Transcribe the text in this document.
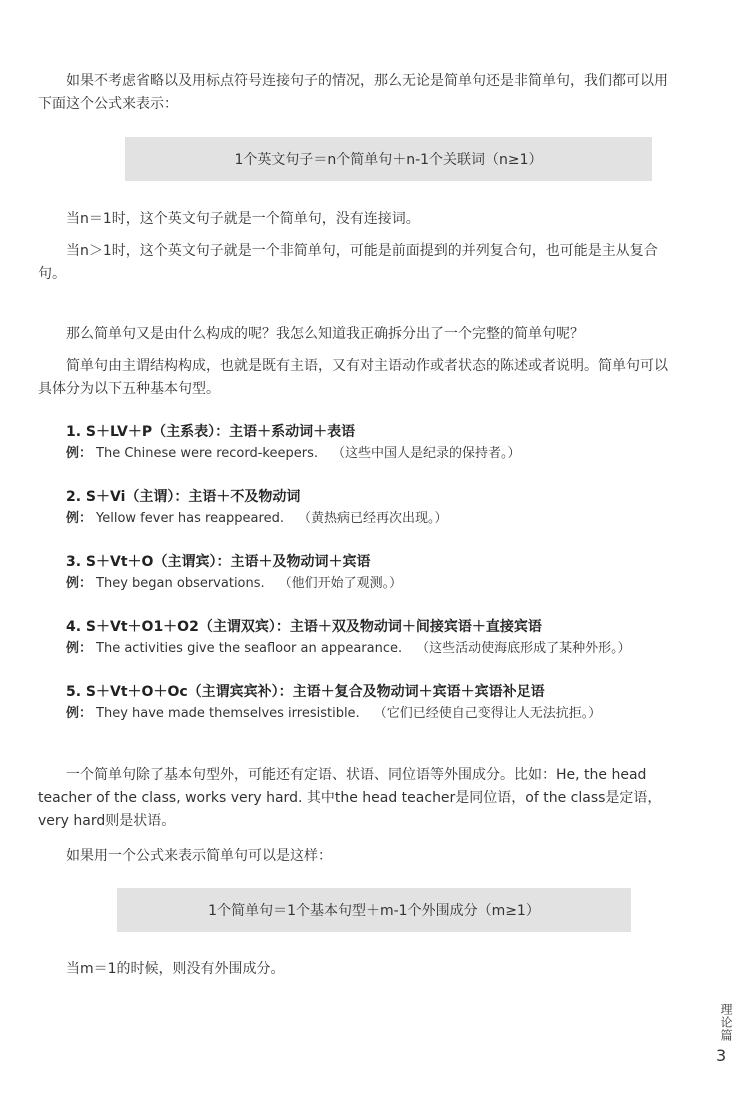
如果不考虑省略以及用标点符号连接句子的情况，那么无论是简单句还是非简单句，我们都可以用下面这个公式来表示：

1个英文句子＝n个简单句＋n-1个关联词（n≥1）

当n＝1时，这个英文句子就是一个简单句，没有连接词。

当n＞1时，这个英文句子就是一个非简单句，可能是前面提到的并列复合句，也可能是主从复合句。

那么简单句又是由什么构成的呢？我怎么知道我正确拆分出了一个完整的简单句呢？

简单句由主谓结构构成，也就是既有主语，又有对主语动作或者状态的陈述或者说明。简单句可以具体分为以下五种基本句型。

1. S＋LV＋P（主系表）：主语＋系动词＋表语
例： The Chinese were record-keepers. （这些中国人是纪录的保持者。）
2. S＋Vi（主谓）：主语＋不及物动词
例： Yellow fever has reappeared. （黄热病已经再次出现。）
3. S＋Vt＋O（主谓宾）：主语＋及物动词＋宾语
例： They began observations. （他们开始了观测。）
4. S＋Vt＋O1＋O2（主谓双宾）：主语＋双及物动词＋间接宾语＋直接宾语
例： The activities give the seafloor an appearance. （这些活动使海底形成了某种外形。）
5. S＋Vt＋O＋Oc（主谓宾宾补）：主语＋复合及物动词＋宾语＋宾语补足语
例： They have made themselves irresistible. （它们已经使自己变得让人无法抗拒。）

一个简单句除了基本句型外，可能还有定语、状语、同位语等外围成分。比如：He, the head teacher of the class, works very hard. 其中the head teacher是同位语，of the class是定语，very hard则是状语。

如果用一个公式来表示简单句可以是这样：

1个简单句＝1个基本句型＋m-1个外围成分（m≥1）

当m＝1的时候，则没有外围成分。

理论篇
3
